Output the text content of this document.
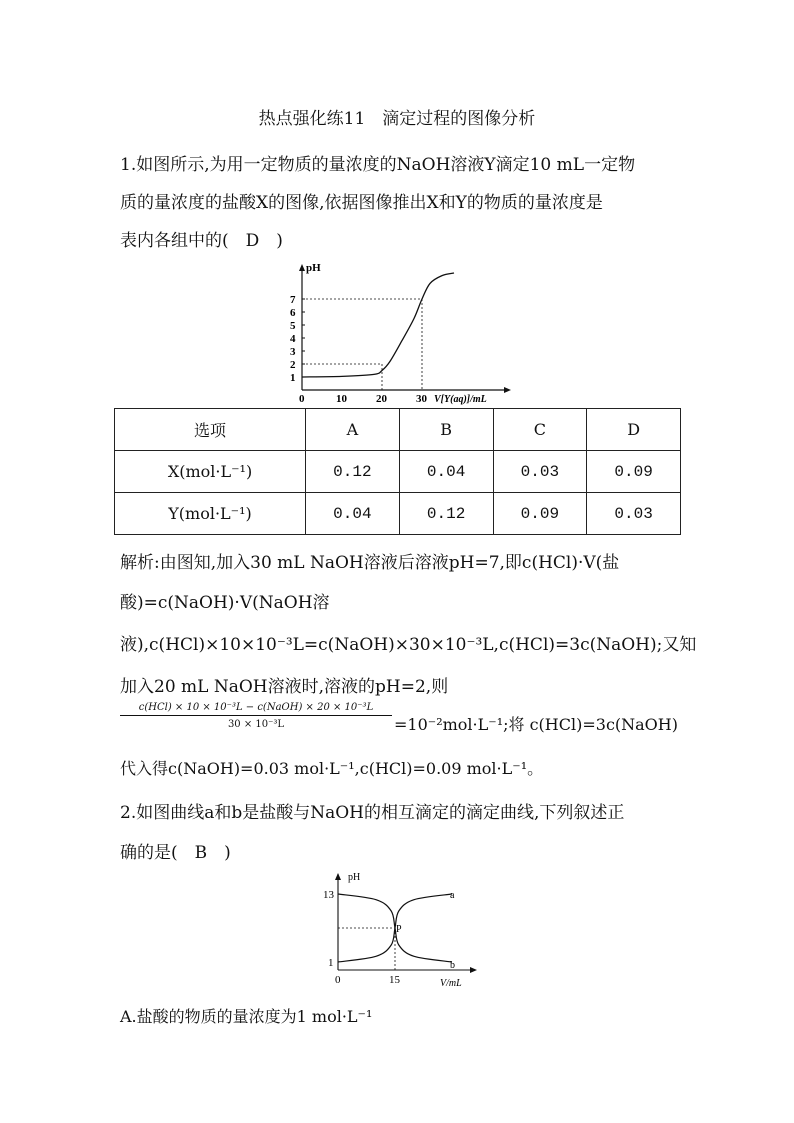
热点强化练11　滴定过程的图像分析
1.如图所示,为用一定物质的量浓度的NaOH溶液Y滴定10 mL一定物
质的量浓度的盐酸X的图像,依据图像推出X和Y的物质的量浓度是
表内各组中的(　D　)
1
2
3
4
5
6
7
0	10	20	30
pH
V[Y(aq)]/mL
选项	A	B	C	D
X(mol·L⁻¹)	0.12	0.04	0.03	0.09
Y(mol·L⁻¹)	0.04	0.12	0.09	0.03
解析:由图知,加入30 mL NaOH溶液后溶液pH=7,即c(HCl)·V(盐
酸)=c(NaOH)·V(NaOH溶
液),c(HCl)×10×10⁻³L=c(NaOH)×30×10⁻³L,c(HCl)=3c(NaOH);又知
加入20 mL NaOH溶液时,溶液的pH=2,则
c(HCl) × 10 × 10⁻³L − c(NaOH) × 20 × 10⁻³L
30 × 10⁻³L	=10⁻²mol·L⁻¹;将 c(HCl)=3c(NaOH)
代入得c(NaOH)=0.03 mol·L⁻¹,c(HCl)=0.09 mol·L⁻¹。
2.如图曲线a和b是盐酸与NaOH的相互滴定的滴定曲线,下列叙述正
确的是(　B　)
1
13
0	15
pH
V/mL
a
b
P
A.盐酸的物质的量浓度为1 mol·L⁻¹
